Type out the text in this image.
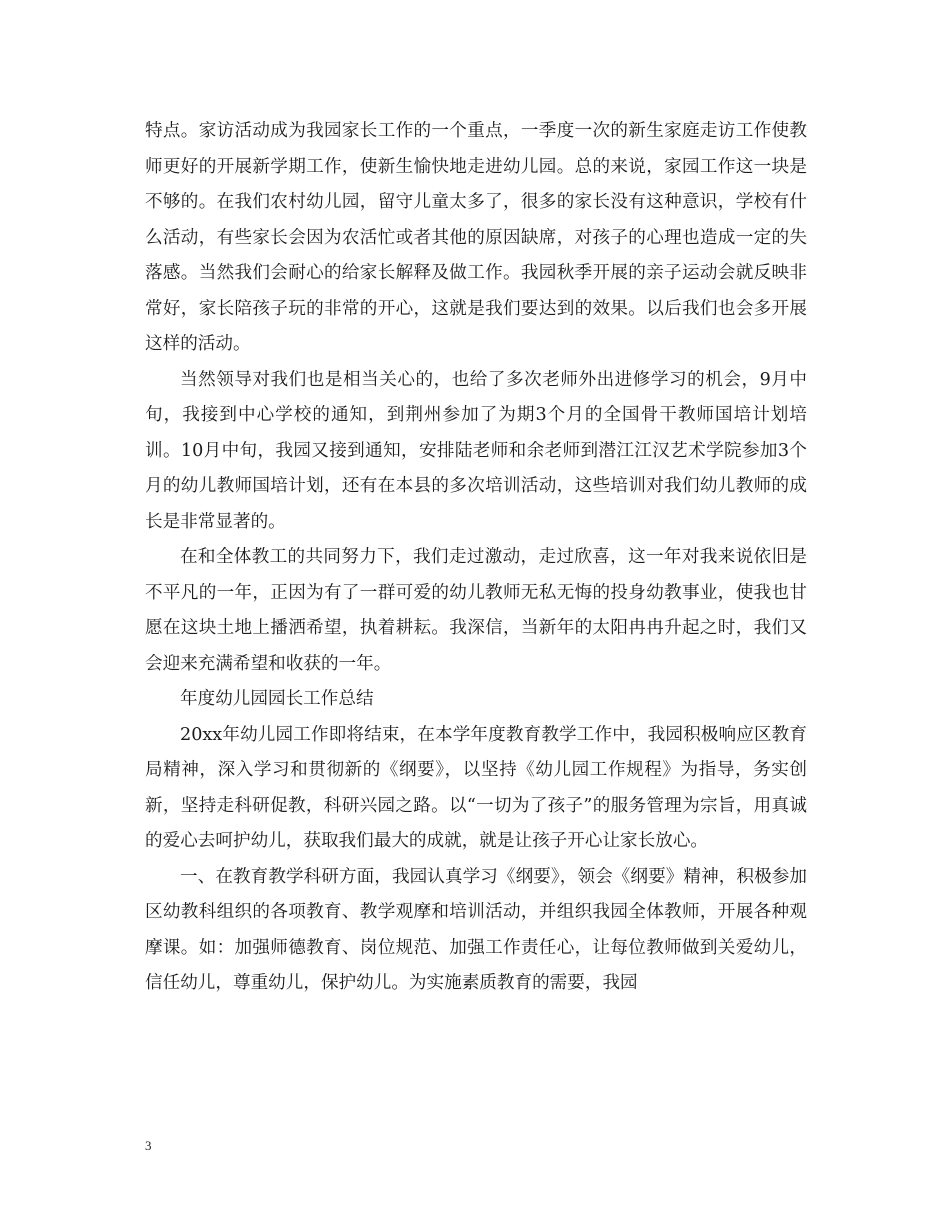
特点。家访活动成为我园家长工作的一个重点，一季度一次的新生家庭走访工作使教师更好的开展新学期工作，使新生愉快地走进幼儿园。总的来说，家园工作这一块是不够的。在我们农村幼儿园，留守儿童太多了，很多的家长没有这种意识，学校有什么活动，有些家长会因为农活忙或者其他的原因缺席，对孩子的心理也造成一定的失落感。当然我们会耐心的给家长解释及做工作。我园秋季开展的亲子运动会就反映非常好，家长陪孩子玩的非常的开心，这就是我们要达到的效果。以后我们也会多开展这样的活动。

当然领导对我们也是相当关心的，也给了多次老师外出进修学习的机会，9月中旬，我接到中心学校的通知，到荆州参加了为期3个月的全国骨干教师国培计划培训。10月中旬，我园又接到通知，安排陆老师和余老师到潜江江汉艺术学院参加3个月的幼儿教师国培计划，还有在本县的多次培训活动，这些培训对我们幼儿教师的成长是非常显著的。

在和全体教工的共同努力下，我们走过激动，走过欣喜，这一年对我来说依旧是不平凡的一年，正因为有了一群可爱的幼儿教师无私无悔的投身幼教事业，使我也甘愿在这块土地上播洒希望，执着耕耘。我深信，当新年的太阳冉冉升起之时，我们又会迎来充满希望和收获的一年。

年度幼儿园园长工作总结

20xx年幼儿园工作即将结束，在本学年度教育教学工作中，我园积极响应区教育局精神，深入学习和贯彻新的《纲要》，以坚持《幼儿园工作规程》为指导，务实创新，坚持走科研促教，科研兴园之路。以“一切为了孩子”的服务管理为宗旨，用真诚的爱心去呵护幼儿，获取我们最大的成就，就是让孩子开心让家长放心。

一、在教育教学科研方面，我园认真学习《纲要》，领会《纲要》精神，积极参加区幼教科组织的各项教育、教学观摩和培训活动，并组织我园全体教师，开展各种观摩课。如：加强师德教育、岗位规范、加强工作责任心，让每位教师做到关爱幼儿，信任幼儿，尊重幼儿，保护幼儿。为实施素质教育的需要，我园

3
